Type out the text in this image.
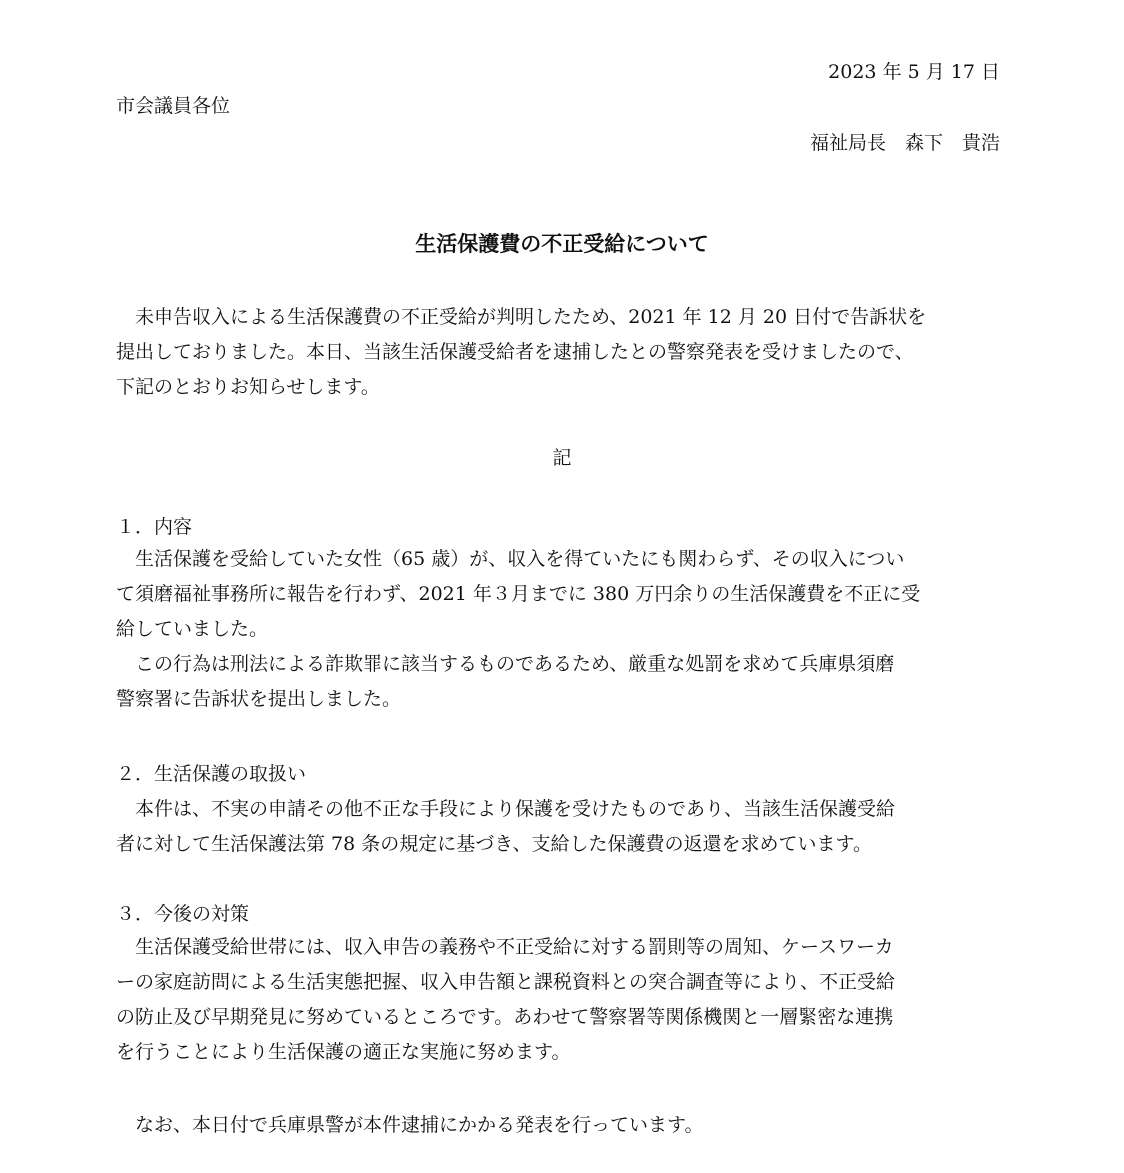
2023 年 5 月 17 日
市会議員各位
福祉局長　森下　貴浩
生活保護費の不正受給について
　未申告収入による生活保護費の不正受給が判明したため、2021 年 12 月 20 日付で告訴状を
提出しておりました。本日、当該生活保護受給者を逮捕したとの警察発表を受けましたので、
下記のとおりお知らせします。
記
１．内容
　生活保護を受給していた女性（65 歳）が、収入を得ていたにも関わらず、その収入につい
て須磨福祉事務所に報告を行わず、2021 年３月までに 380 万円余りの生活保護費を不正に受
給していました。
　この行為は刑法による詐欺罪に該当するものであるため、厳重な処罰を求めて兵庫県須磨
警察署に告訴状を提出しました。
２．生活保護の取扱い
　本件は、不実の申請その他不正な手段により保護を受けたものであり、当該生活保護受給
者に対して生活保護法第 78 条の規定に基づき、支給した保護費の返還を求めています。
３．今後の対策
　生活保護受給世帯には、収入申告の義務や不正受給に対する罰則等の周知、ケースワーカ
ーの家庭訪問による生活実態把握、収入申告額と課税資料との突合調査等により、不正受給
の防止及び早期発見に努めているところです。あわせて警察署等関係機関と一層緊密な連携
を行うことにより生活保護の適正な実施に努めます。
　なお、本日付で兵庫県警が本件逮捕にかかる発表を行っています。
